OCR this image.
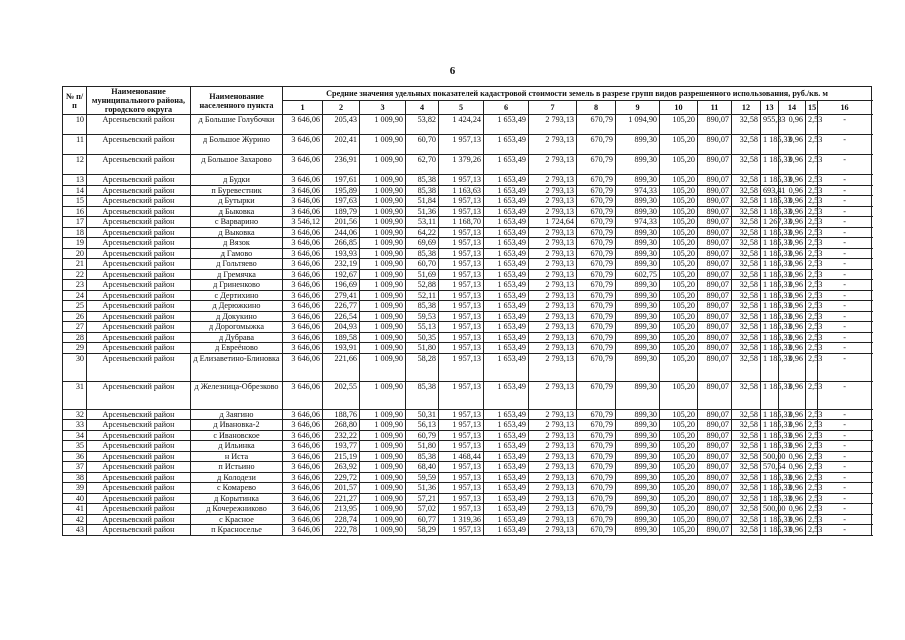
6
№ п/п	Наименование муниципального района, городского округа	Наименование населенного пункта	Средние значения удельных показателей кадастровой стоимости земель в разрезе групп видов разрешенного использования, руб./кв. м																
			1	2	3	4	5	6	7	8	9	10	11	12	13	14	15	16	
10	Арсеньевский район	д Большие Голубочки	3 646,06	205,43	1 009,90	53,82	1 424,24	1 653,49	2 793,13	670,79	1 094,90	105,20	890,07	32,58	955,33	0,96	2,53	-	
11	Арсеньевский район	д Большое Журино	3 646,06	202,41	1 009,90	60,70	1 957,13	1 653,49	2 793,13	670,79	899,30	105,20	890,07	32,58	1 185,33	0,96	2,53	-	
12	Арсеньевский район	д Большое Захарово	3 646,06	236,91	1 009,90	62,70	1 379,26	1 653,49	2 793,13	670,79	899,30	105,20	890,07	32,58	1 185,33	0,96	2,53	-	
13	Арсеньевский район	д Будки	3 646,06	197,61	1 009,90	85,38	1 957,13	1 653,49	2 793,13	670,79	899,30	105,20	890,07	32,58	1 185,33	0,96	2,53	-	
14	Арсеньевский район	п Буревестник	3 646,06	195,89	1 009,90	85,38	1 163,63	1 653,49	2 793,13	670,79	974,33	105,20	890,07	32,58	693,41	0,96	2,53	-	
15	Арсеньевский район	д Бутырки	3 646,06	197,63	1 009,90	51,84	1 957,13	1 653,49	2 793,13	670,79	899,30	105,20	890,07	32,58	1 185,33	0,96	2,53	-	
16	Арсеньевский район	д Быковка	3 646,06	189,79	1 009,90	51,36	1 957,13	1 653,49	2 793,13	670,79	899,30	105,20	890,07	32,58	1 185,33	0,96	2,53	-	
17	Арсеньевский район	с Варварино	3 546,12	201,56	1 009,90	53,11	1 168,70	1 653,49	1 724,64	670,79	974,33	105,20	890,07	32,58	1 267,33	0,96	2,53	-	
18	Арсеньевский район	д Выковка	3 646,06	244,06	1 009,90	64,22	1 957,13	1 653,49	2 793,13	670,79	899,30	105,20	890,07	32,58	1 185,33	0,96	2,53	-	
19	Арсеньевский район	д Вязок	3 646,06	266,85	1 009,90	69,69	1 957,13	1 653,49	2 793,13	670,79	899,30	105,20	890,07	32,58	1 185,33	0,96	2,53	-	
20	Арсеньевский район	д Гамово	3 646,06	193,93	1 009,90	85,38	1 957,13	1 653,49	2 793,13	670,79	899,30	105,20	890,07	32,58	1 185,33	0,96	2,53	-	
21	Арсеньевский район	д Гольтяево	3 646,06	232,19	1 009,90	60,70	1 957,13	1 653,49	2 793,13	670,79	899,30	105,20	890,07	32,58	1 185,33	0,96	2,53	-	
22	Арсеньевский район	д Гремячка	3 646,06	192,67	1 009,90	51,69	1 957,13	1 653,49	2 793,13	670,79	602,75	105,20	890,07	32,58	1 185,33	0,96	2,53	-	
23	Арсеньевский район	д Гриненково	3 646,06	196,69	1 009,90	52,88	1 957,13	1 653,49	2 793,13	670,79	899,30	105,20	890,07	32,58	1 185,33	0,96	2,53	-	
24	Арсеньевский район	с Дертихино	3 646,06	279,41	1 009,90	52,11	1 957,13	1 653,49	2 793,13	670,79	899,30	105,20	890,07	32,58	1 185,33	0,96	2,53	-	
25	Арсеньевский район	д Дерюжкино	3 646,06	226,77	1 009,90	85,38	1 957,13	1 653,49	2 793,13	670,79	899,30	105,20	890,07	32,58	1 185,33	0,96	2,53	-	
26	Арсеньевский район	д Докукино	3 646,06	226,54	1 009,90	59,53	1 957,13	1 653,49	2 793,13	670,79	899,30	105,20	890,07	32,58	1 185,33	0,96	2,53	-	
27	Арсеньевский район	д Дорогомыжка	3 646,06	204,93	1 009,90	55,13	1 957,13	1 653,49	2 793,13	670,79	899,30	105,20	890,07	32,58	1 185,33	0,96	2,53	-	
28	Арсеньевский район	д Дубрава	3 646,06	189,58	1 009,90	50,35	1 957,13	1 653,49	2 793,13	670,79	899,30	105,20	890,07	32,58	1 185,33	0,96	2,53	-	
29	Арсеньевский район	д Евреёново	3 646,06	193,91	1 009,90	51,80	1 957,13	1 653,49	2 793,13	670,79	899,30	105,20	890,07	32,58	1 185,33	0,96	2,53	-	
30	Арсеньевский район	д Елизаветино-Блиновка	3 646,06	221,66	1 009,90	58,28	1 957,13	1 653,49	2 793,13	670,79	899,30	105,20	890,07	32,58	1 185,33	0,96	2,53	-	
31	Арсеньевский район	д Железница-Обрезково	3 646,06	202,55	1 009,90	85,38	1 957,13	1 653,49	2 793,13	670,79	899,30	105,20	890,07	32,58	1 185,33	0,96	2,53	-	
32	Арсеньевский район	д Заягино	3 646,06	188,76	1 009,90	50,31	1 957,13	1 653,49	2 793,13	670,79	899,30	105,20	890,07	32,58	1 185,33	0,96	2,53	-	
33	Арсеньевский район	д Ивановка-2	3 646,06	268,80	1 009,90	56,13	1 957,13	1 653,49	2 793,13	670,79	899,30	105,20	890,07	32,58	1 185,33	0,96	2,53	-	
34	Арсеньевский район	с Ивановское	3 646,06	232,22	1 009,90	60,79	1 957,13	1 653,49	2 793,13	670,79	899,30	105,20	890,07	32,58	1 185,33	0,96	2,53	-	
35	Арсеньевский район	д Ильинка	3 646,06	193,77	1 009,90	51,80	1 957,13	1 653,49	2 793,13	670,79	899,30	105,20	890,07	32,58	1 185,33	0,96	2,53	-	
36	Арсеньевский район	н Иста	3 646,06	215,19	1 009,90	85,38	1 468,44	1 653,49	2 793,13	670,79	899,30	105,20	890,07	32,58	500,00	0,96	2,53	-	
37	Арсеньевский район	п Истьино	3 646,06	263,92	1 009,90	68,40	1 957,13	1 653,49	2 793,13	670,79	899,30	105,20	890,07	32,58	570,54	0,96	2,53	-	
38	Арсеньевский район	д Колодези	3 646,06	229,72	1 009,90	59,59	1 957,13	1 653,49	2 793,13	670,79	899,30	105,20	890,07	32,58	1 185,33	0,96	2,53	-	
39	Арсеньевский район	с Комарево	3 646,06	201,57	1 009,90	51,36	1 957,13	1 653,49	2 793,13	670,79	899,30	105,20	890,07	32,58	1 185,33	0,96	2,53	-	
40	Арсеньевский район	д Корытинка	3 646,06	221,27	1 009,90	57,21	1 957,13	1 653,49	2 793,13	670,79	899,30	105,20	890,07	32,58	1 185,33	0,96	2,53	-	
41	Арсеньевский район	д Кочережниково	3 646,06	213,95	1 009,90	57,02	1 957,13	1 653,49	2 793,13	670,79	899,30	105,20	890,07	32,58	500,00	0,96	2,53	-	
42	Арсеньевский район	с Красное	3 646,06	228,74	1 009,90	60,77	1 319,36	1 653,49	2 793,13	670,79	899,30	105,20	890,07	32,58	1 185,33	0,96	2,53	-	
43	Арсеньевский район	п Красноселье	3 646,06	222,78	1 009,90	58,29	1 957,13	1 653,49	2 793,13	670,79	899,30	105,20	890,07	32,58	1 185,33	0,96	2,53	-	
